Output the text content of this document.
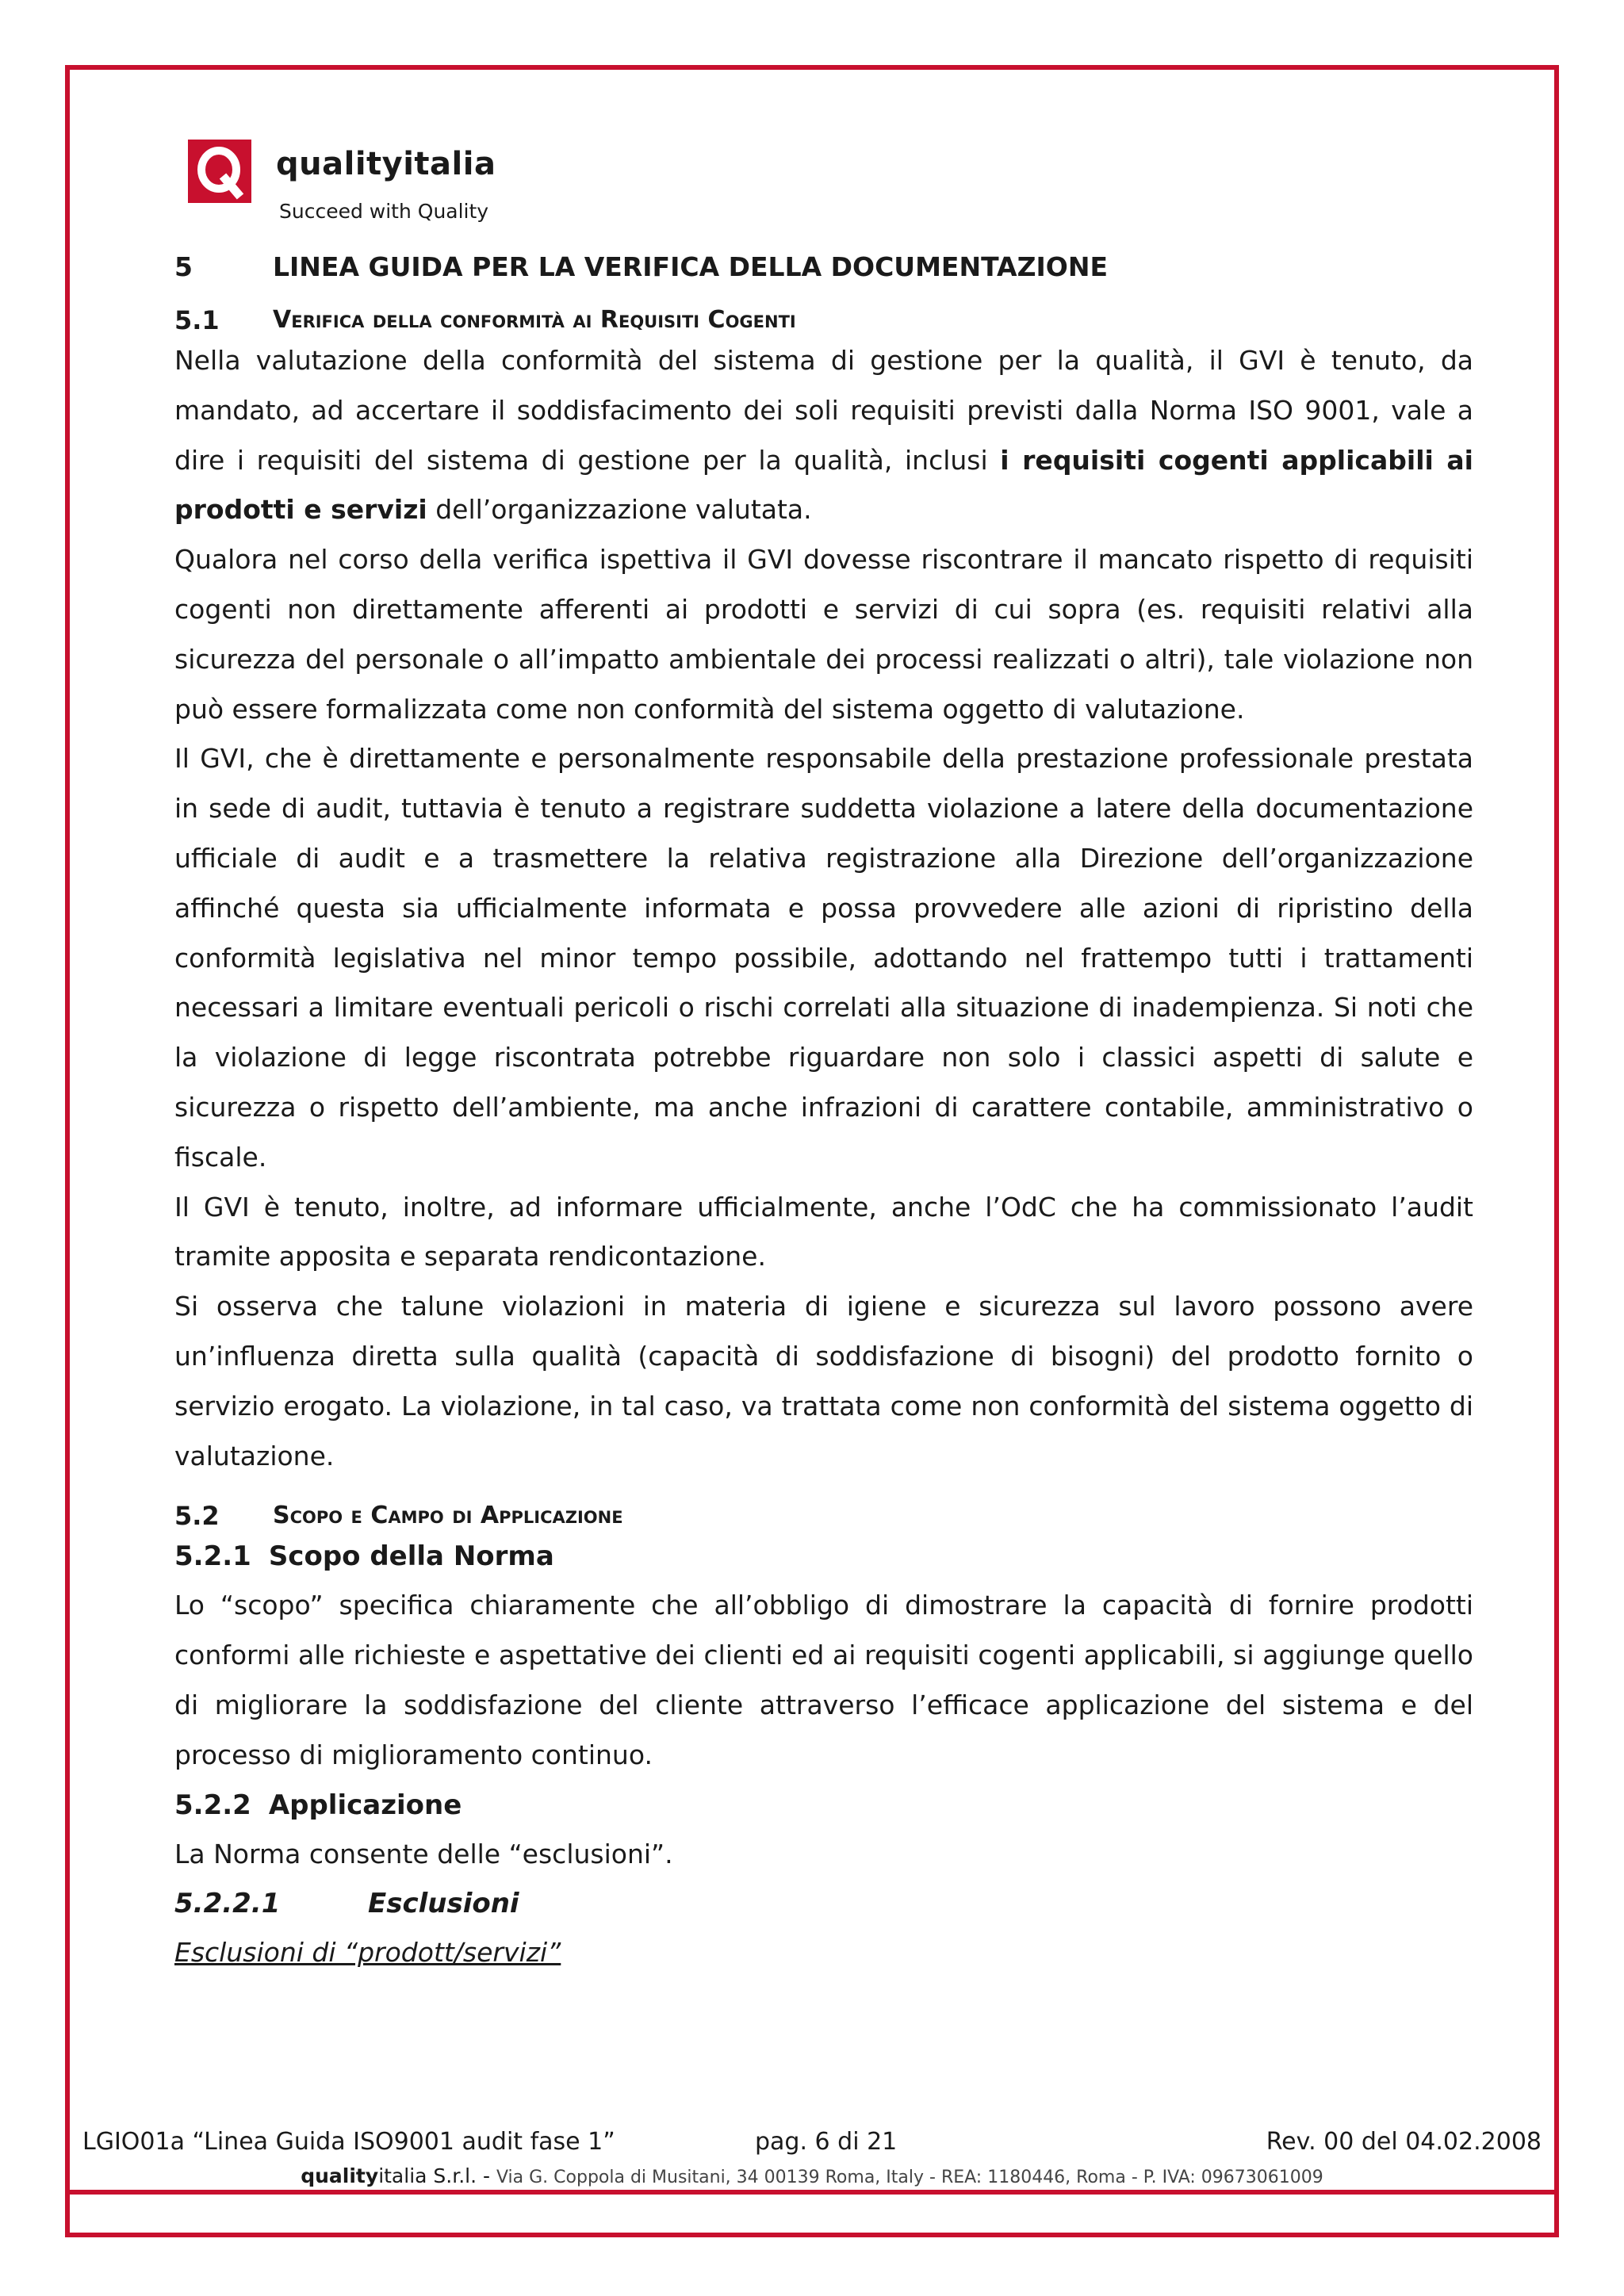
qualityitalia
Succeed with Quality
5	LINEA GUIDA PER LA VERIFICA DELLA DOCUMENTAZIONE
5.1	Verifica della conformità ai Requisiti Cogenti

Nella valutazione della conformità del sistema di gestione per la qualità, il GVI è tenuto, da mandato, ad accertare il soddisfacimento dei soli requisiti previsti dalla Norma ISO 9001, vale a dire i requisiti del sistema di gestione per la qualità, inclusi i requisiti cogenti applicabili ai prodotti e servizi dell’organizzazione valutata.

Qualora nel corso della verifica ispettiva il GVI dovesse riscontrare il mancato rispetto di requisiti cogenti non direttamente afferenti ai prodotti e servizi di cui sopra (es. requisiti relativi alla sicurezza del personale o all’impatto ambientale dei processi realizzati o altri), tale violazione non può essere formalizzata come non conformità del sistema oggetto di valutazione.

Il GVI, che è direttamente e personalmente responsabile della prestazione professionale prestata in sede di audit, tuttavia è tenuto a registrare suddetta violazione a latere della documentazione ufficiale di audit e a trasmettere la relativa registrazione alla Direzione dell’organizzazione affinché questa sia ufficialmente informata e possa provvedere alle azioni di ripristino della conformità legislativa nel minor tempo possibile, adottando nel frattempo tutti i trattamenti necessari a limitare eventuali pericoli o rischi correlati alla situazione di inadempienza. Si noti che la violazione di legge riscontrata potrebbe riguardare non solo i classici aspetti di salute e sicurezza o rispetto dell’ambiente, ma anche infrazioni di carattere contabile, amministrativo o fiscale.

Il GVI è tenuto, inoltre, ad informare ufficialmente, anche l’OdC che ha commissionato l’audit tramite apposita e separata rendicontazione.

Si osserva che talune violazioni in materia di igiene e sicurezza sul lavoro possono avere un’influenza diretta sulla qualità (capacità di soddisfazione di bisogni) del prodotto fornito o servizio erogato. La violazione, in tal caso, va trattata come non conformità del sistema oggetto di valutazione.

5.2	Scopo e Campo di Applicazione
5.2.1 Scopo della Norma

Lo “scopo” specifica chiaramente che all’obbligo di dimostrare la capacità di fornire prodotti conformi alle richieste e aspettative dei clienti ed ai requisiti cogenti applicabili, si aggiunge quello di migliorare la soddisfazione del cliente attraverso l’efficace applicazione del sistema e del processo di miglioramento continuo.

5.2.2 Applicazione

La Norma consente delle “esclusioni”.

5.2.2.1	Esclusioni
Esclusioni di “prodott/servizi”
LGIO01a “Linea Guida ISO9001 audit fase 1”	pag. 6 di 21	Rev. 00 del 04.02.2008
qualityitalia S.r.l. - Via G. Coppola di Musitani, 34 00139 Roma, Italy - REA: 1180446, Roma - P. IVA: 09673061009
